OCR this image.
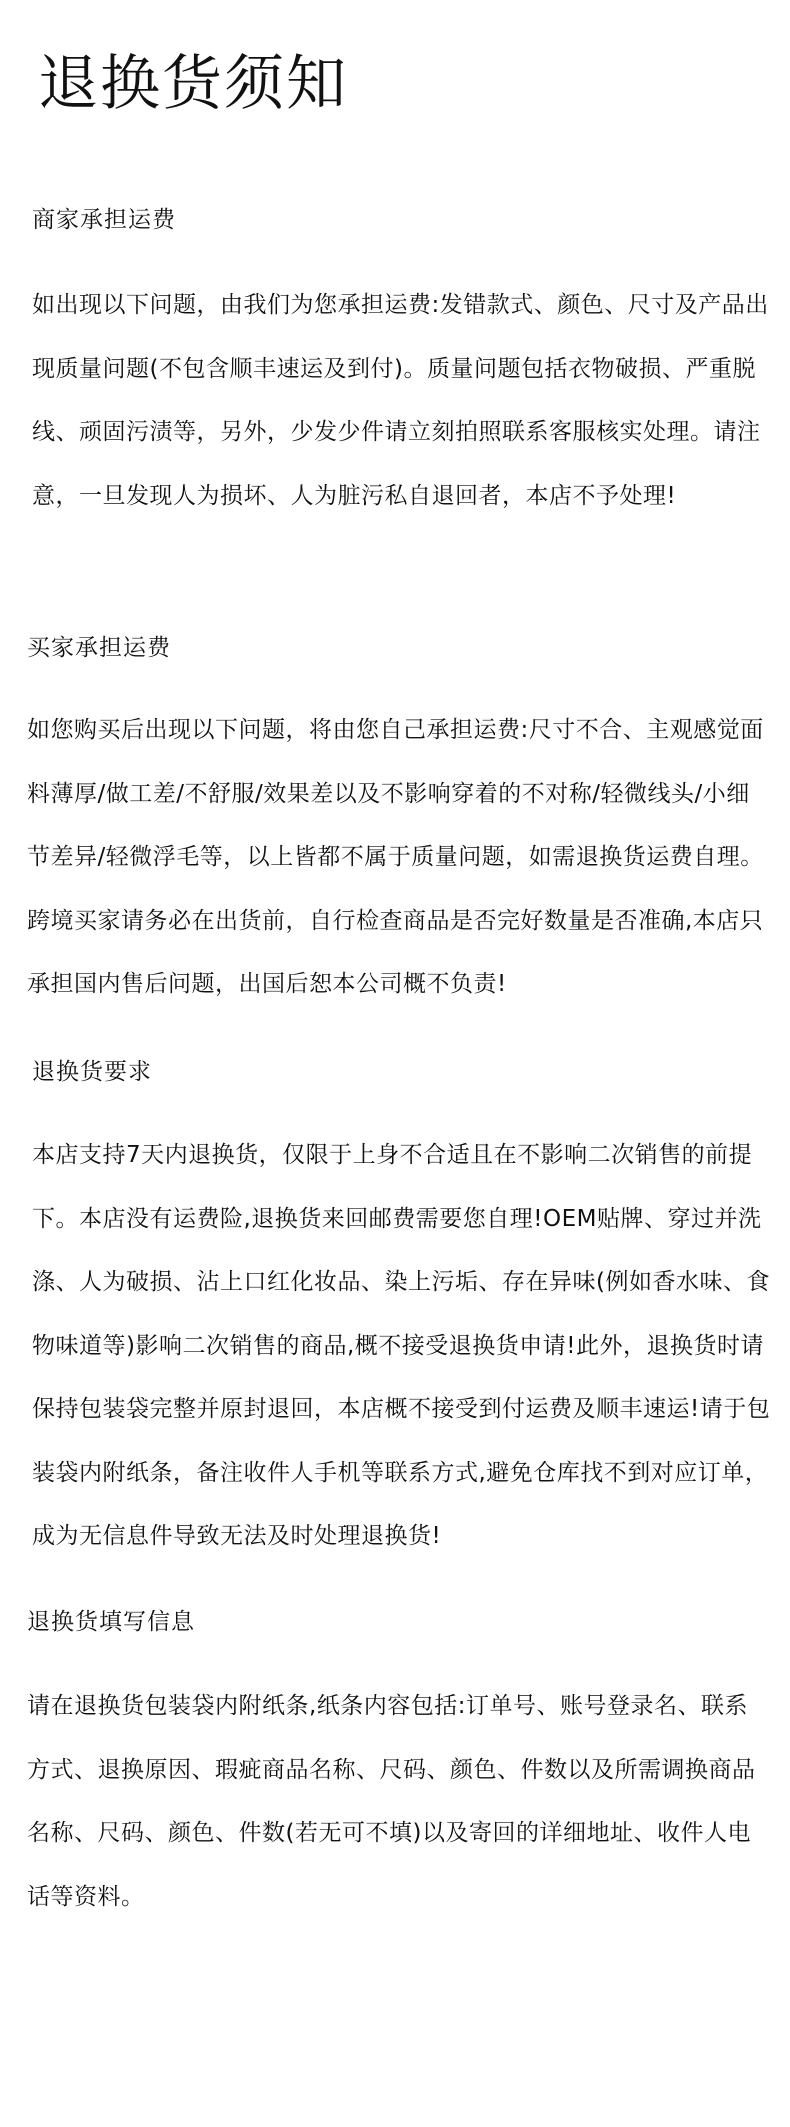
退换货须知
商家承担运费

如出现以下问题，由我们为您承担运费:发错款式、颜色、尺寸及产品出现质量问题(不包含顺丰速运及到付)。质量问题包括衣物破损、严重脱线、顽固污渍等，另外，少发少件请立刻拍照联系客服核实处理。请注意，一旦发现人为损坏、人为脏污私自退回者，本店不予处理!

买家承担运费

如您购买后出现以下问题，将由您自己承担运费:尺寸不合、主观感觉面料薄厚/做工差/不舒服/效果差以及不影响穿着的不对称/轻微线头/小细节差异/轻微浮毛等，以上皆都不属于质量问题，如需退换货运费自理。跨境买家请务必在出货前，自行检查商品是否完好数量是否准确,本店只承担国内售后问题，出国后恕本公司概不负责!

退换货要求

本店支持7天内退换货，仅限于上身不合适且在不影响二次销售的前提下。本店没有运费险,退换货来回邮费需要您自理!OEM贴牌、穿过并洗涤、人为破损、沾上口红化妆品、染上污垢、存在异味(例如香水味、食物味道等)影响二次销售的商品,概不接受退换货申请!此外，退换货时请保持包装袋完整并原封退回，本店概不接受到付运费及顺丰速运!请于包装袋内附纸条，备注收件人手机等联系方式,避免仓库找不到对应订单，成为无信息件导致无法及时处理退换货!

退换货填写信息

请在退换货包装袋内附纸条,纸条内容包括:订单号、账号登录名、联系方式、退换原因、瑕疵商品名称、尺码、颜色、件数以及所需调换商品名称、尺码、颜色、件数(若无可不填)以及寄回的详细地址、收件人电话等资料。
